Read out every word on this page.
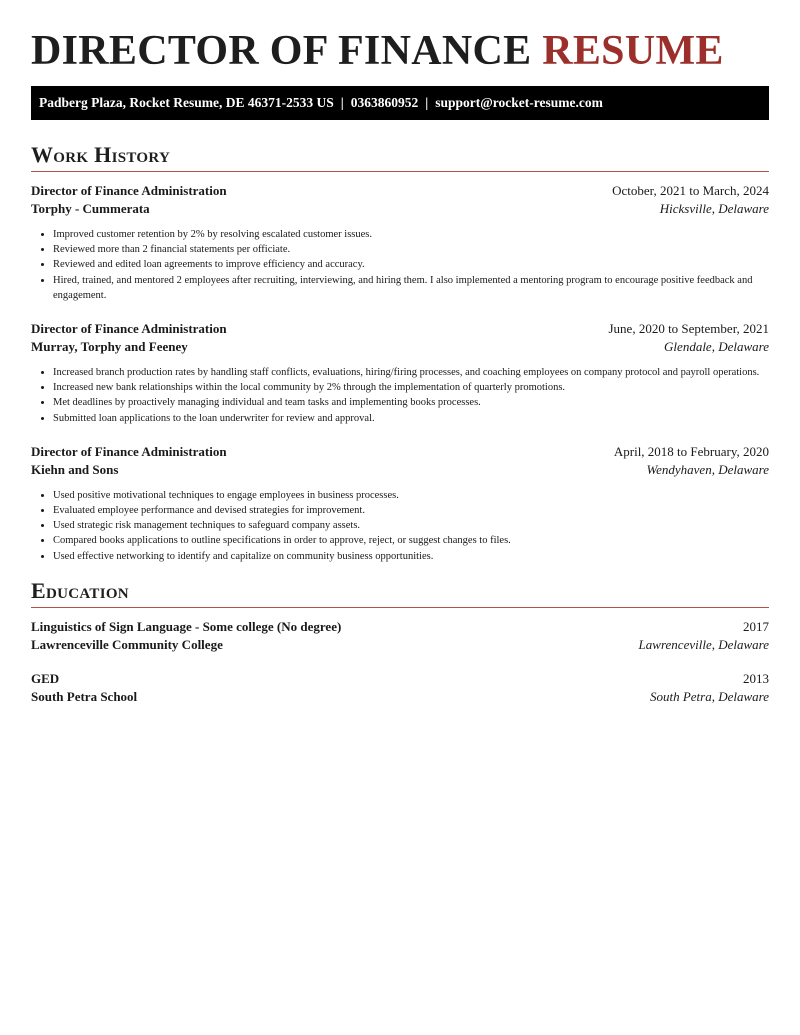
DIRECTOR OF FINANCE RESUME
Padberg Plaza, Rocket Resume, DE 46371-2533 US | 0363860952 | support@rocket-resume.com
Work History
Director of Finance Administration	October, 2021 to March, 2024
Torphy - Cummerata	Hicksville, Delaware
• Improved customer retention by 2% by resolving escalated customer issues.
• Reviewed more than 2 financial statements per officiate.
• Reviewed and edited loan agreements to improve efficiency and accuracy.
• Hired, trained, and mentored 2 employees after recruiting, interviewing, and hiring them. I also implemented a mentoring program to encourage positive feedback and engagement.
Director of Finance Administration	June, 2020 to September, 2021
Murray, Torphy and Feeney	Glendale, Delaware
• Increased branch production rates by handling staff conflicts, evaluations, hiring/firing processes, and coaching employees on company protocol and payroll operations.
• Increased new bank relationships within the local community by 2% through the implementation of quarterly promotions.
• Met deadlines by proactively managing individual and team tasks and implementing books processes.
• Submitted loan applications to the loan underwriter for review and approval.
Director of Finance Administration	April, 2018 to February, 2020
Kiehn and Sons	Wendyhaven, Delaware
• Used positive motivational techniques to engage employees in business processes.
• Evaluated employee performance and devised strategies for improvement.
• Used strategic risk management techniques to safeguard company assets.
• Compared books applications to outline specifications in order to approve, reject, or suggest changes to files.
• Used effective networking to identify and capitalize on community business opportunities.
Education
Linguistics of Sign Language - Some college (No degree)	2017
Lawrenceville Community College	Lawrenceville, Delaware
GED	2013
South Petra School	South Petra, Delaware
